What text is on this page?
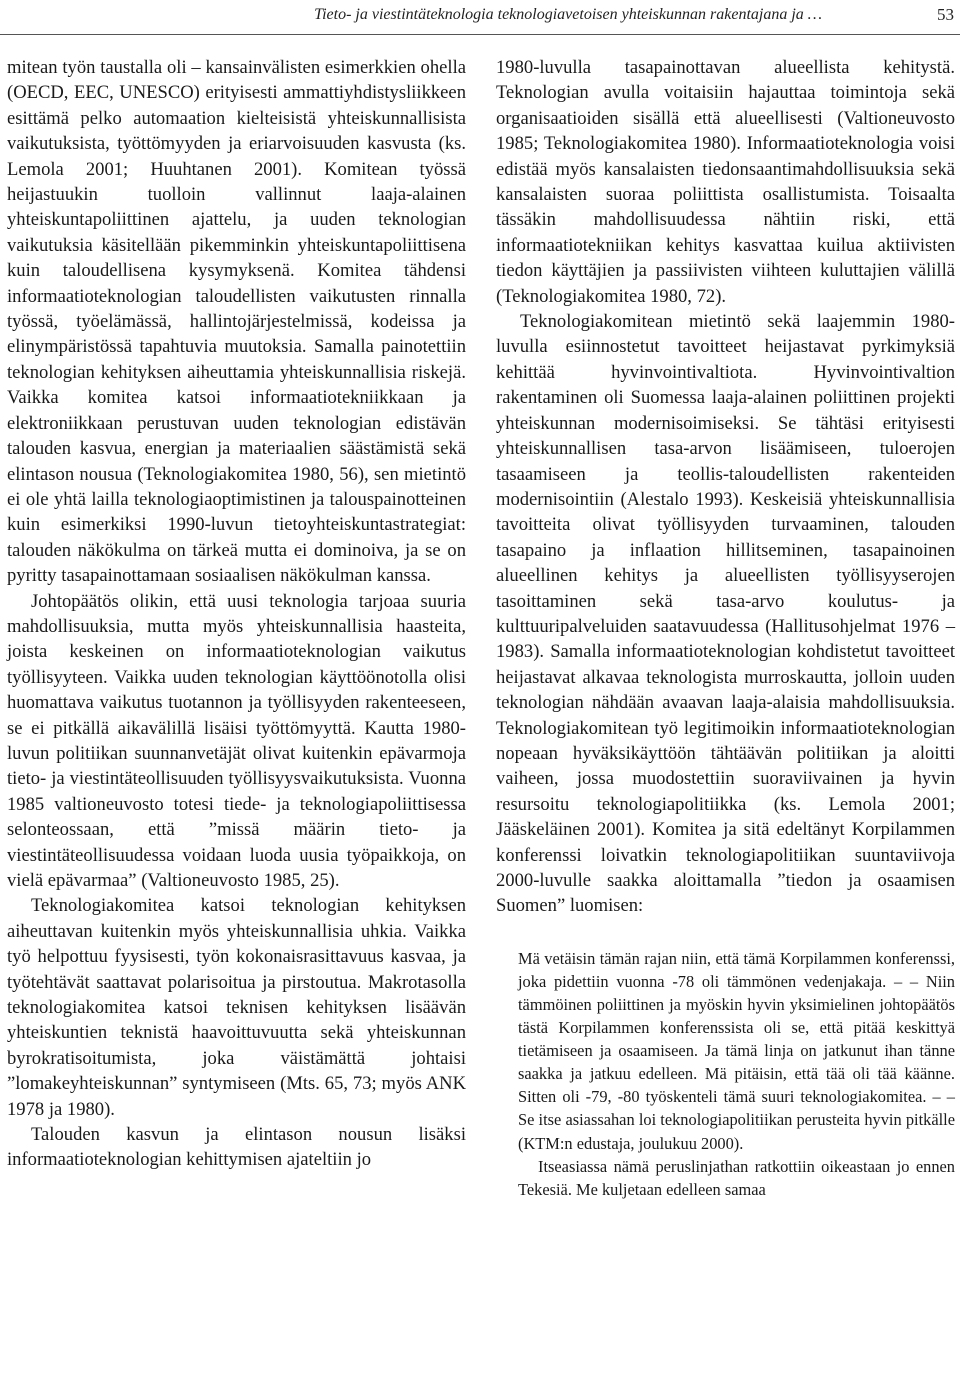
Tieto- ja viestintäteknologia teknologiavetoisen yhteiskunnan rakentajana ja …	53

mitean työn taustalla oli – kansainvälisten esimerkkien ohella (OECD, EEC, UNESCO) erityisesti ammattiyhdistysliikkeen esittämä pelko automaation kielteisistä yhteiskunnallisista vaikutuksista, työttömyyden ja eriarvoisuuden kasvusta (ks. Lemola 2001; Huuhtanen 2001). Komitean työssä heijastuukin tuolloin vallinnut laaja-alainen yhteiskuntapoliittinen ajattelu, ja uuden teknologian vaikutuksia käsitellään pikemminkin yhteiskuntapoliittisena kuin taloudellisena kysymyksenä. Komitea tähdensi informaatioteknologian taloudellisten vaikutusten rinnalla työssä, työelämässä, hallintojärjestelmissä, kodeissa ja elinympäristössä tapahtuvia muutoksia. Samalla painotettiin teknologian kehityksen aiheuttamia yhteiskunnallisia riskejä. Vaikka komitea katsoi informaatiotekniikkaan ja elektroniikkaan perustuvan uuden teknologian edistävän talouden kasvua, energian ja materiaalien säästämistä sekä elintason nousua (Teknologiakomitea 1980, 56), sen mietintö ei ole yhtä lailla teknologiaoptimistinen ja talouspainotteinen kuin esimerkiksi 1990-luvun tietoyhteiskuntastrategiat: talouden näkökulma on tärkeä mutta ei dominoiva, ja se on pyritty tasapainottamaan sosiaalisen näkökulman kanssa.

Johtopäätös olikin, että uusi teknologia tarjoaa suuria mahdollisuuksia, mutta myös yhteiskunnallisia haasteita, joista keskeinen on informaatioteknologian vaikutus työllisyyteen. Vaikka uuden teknologian käyttöönotolla olisi huomattava vaikutus tuotannon ja työllisyyden rakenteeseen, se ei pitkällä aikavälillä lisäisi työttömyyttä. Kautta 1980-luvun politiikan suunnanvetäjät olivat kuitenkin epävarmoja tieto- ja viestintäteollisuuden työllisyysvaikutuksista. Vuonna 1985 valtioneuvosto totesi tiede- ja teknologiapoliittisessa selonteossaan, että ”missä määrin tieto- ja viestintäteollisuudessa voidaan luoda uusia työpaikkoja, on vielä epävarmaa” (Valtioneuvosto 1985, 25).

Teknologiakomitea katsoi teknologian kehityksen aiheuttavan kuitenkin myös yhteiskunnallisia uhkia. Vaikka työ helpottuu fyysisesti, työn kokonaisrasittavuus kasvaa, ja työtehtävät saattavat polarisoitua ja pirstoutua. Makrotasolla teknologiakomitea katsoi teknisen kehityksen lisäävän yhteiskuntien teknistä haavoittuvuutta sekä yhteiskunnan byrokratisoitumista, joka väistämättä johtaisi ”lomakeyhteiskunnan” syntymiseen (Mts. 65, 73; myös ANK 1978 ja 1980).

Talouden kasvun ja elintason nousun lisäksi informaatioteknologian kehittymisen ajateltiin jo

1980-luvulla tasapainottavan alueellista kehitystä. Teknologian avulla voitaisiin hajauttaa toimintoja sekä organisaatioiden sisällä että alueellisesti (Valtioneuvosto 1985; Teknologiakomitea 1980). Informaatioteknologia voisi edistää myös kansalaisten tiedonsaantimahdollisuuksia sekä kansalaisten suoraa poliittista osallistumista. Toisaalta tässäkin mahdollisuudessa nähtiin riski, että informaatiotekniikan kehitys kasvattaa kuilua aktiivisten tiedon käyttäjien ja passiivisten viihteen kuluttajien välillä (Teknologiakomitea 1980, 72).

Teknologiakomitean mietintö sekä laajemmin 1980-luvulla esiinnostetut tavoitteet heijastavat pyrkimyksiä kehittää hyvinvointivaltiota. Hyvinvointivaltion rakentaminen oli Suomessa laaja-alainen poliittinen projekti yhteiskunnan modernisoimiseksi. Se tähtäsi erityisesti yhteiskunnallisen tasa-arvon lisäämiseen, tuloerojen tasaamiseen ja teollis-taloudellisten rakenteiden modernisointiin (Alestalo 1993). Keskeisiä yhteiskunnallisia tavoitteita olivat työllisyyden turvaaminen, talouden tasapaino ja inflaation hillitseminen, tasapainoinen alueellinen kehitys ja alueellisten työllisyyserojen tasoittaminen sekä tasa-arvo koulutus- ja kulttuuripalveluiden saatavuudessa (Hallitusohjelmat 1976 –1983). Samalla informaatioteknologian kohdistetut tavoitteet heijastavat alkavaa teknologista murroskautta, jolloin uuden teknologian nähdään avaavan laaja-alaisia mahdollisuuksia. Teknologiakomitean työ legitimoikin informaatioteknologian nopeaan hyväksikäyttöön tähtäävän politiikan ja aloitti vaiheen, jossa muodostettiin suoraviivainen ja hyvin resursoitu teknologiapolitiikka (ks. Lemola 2001; Jääskeläinen 2001). Komitea ja sitä edeltänyt Korpilammen konferenssi loivatkin teknologiapolitiikan suuntaviivoja 2000-luvulle saakka aloittamalla ”tiedon ja osaamisen Suomen” luomisen:

Mä vetäisin tämän rajan niin, että tämä Korpilammen konferenssi, joka pidettiin vuonna -78 oli tämmönen vedenjakaja. – – Niin tämmöinen poliittinen ja myöskin hyvin yksimielinen johtopäätös tästä Korpilammen konferenssista oli se, että pitää keskittyä tietämiseen ja osaamiseen. Ja tämä linja on jatkunut ihan tänne saakka ja jatkuu edelleen. Mä pitäisin, että tää oli tää käänne. Sitten oli -79, -80 työskenteli tämä suuri teknologiakomitea. – – Se itse asiassahan loi teknologiapolitiikan perusteita hyvin pitkälle (KTM:n edustaja, joulukuu 2000).

Itseasiassa nämä peruslinjathan ratkottiin oikeastaan jo ennen Tekesiä. Me kuljetaan edelleen samaa
